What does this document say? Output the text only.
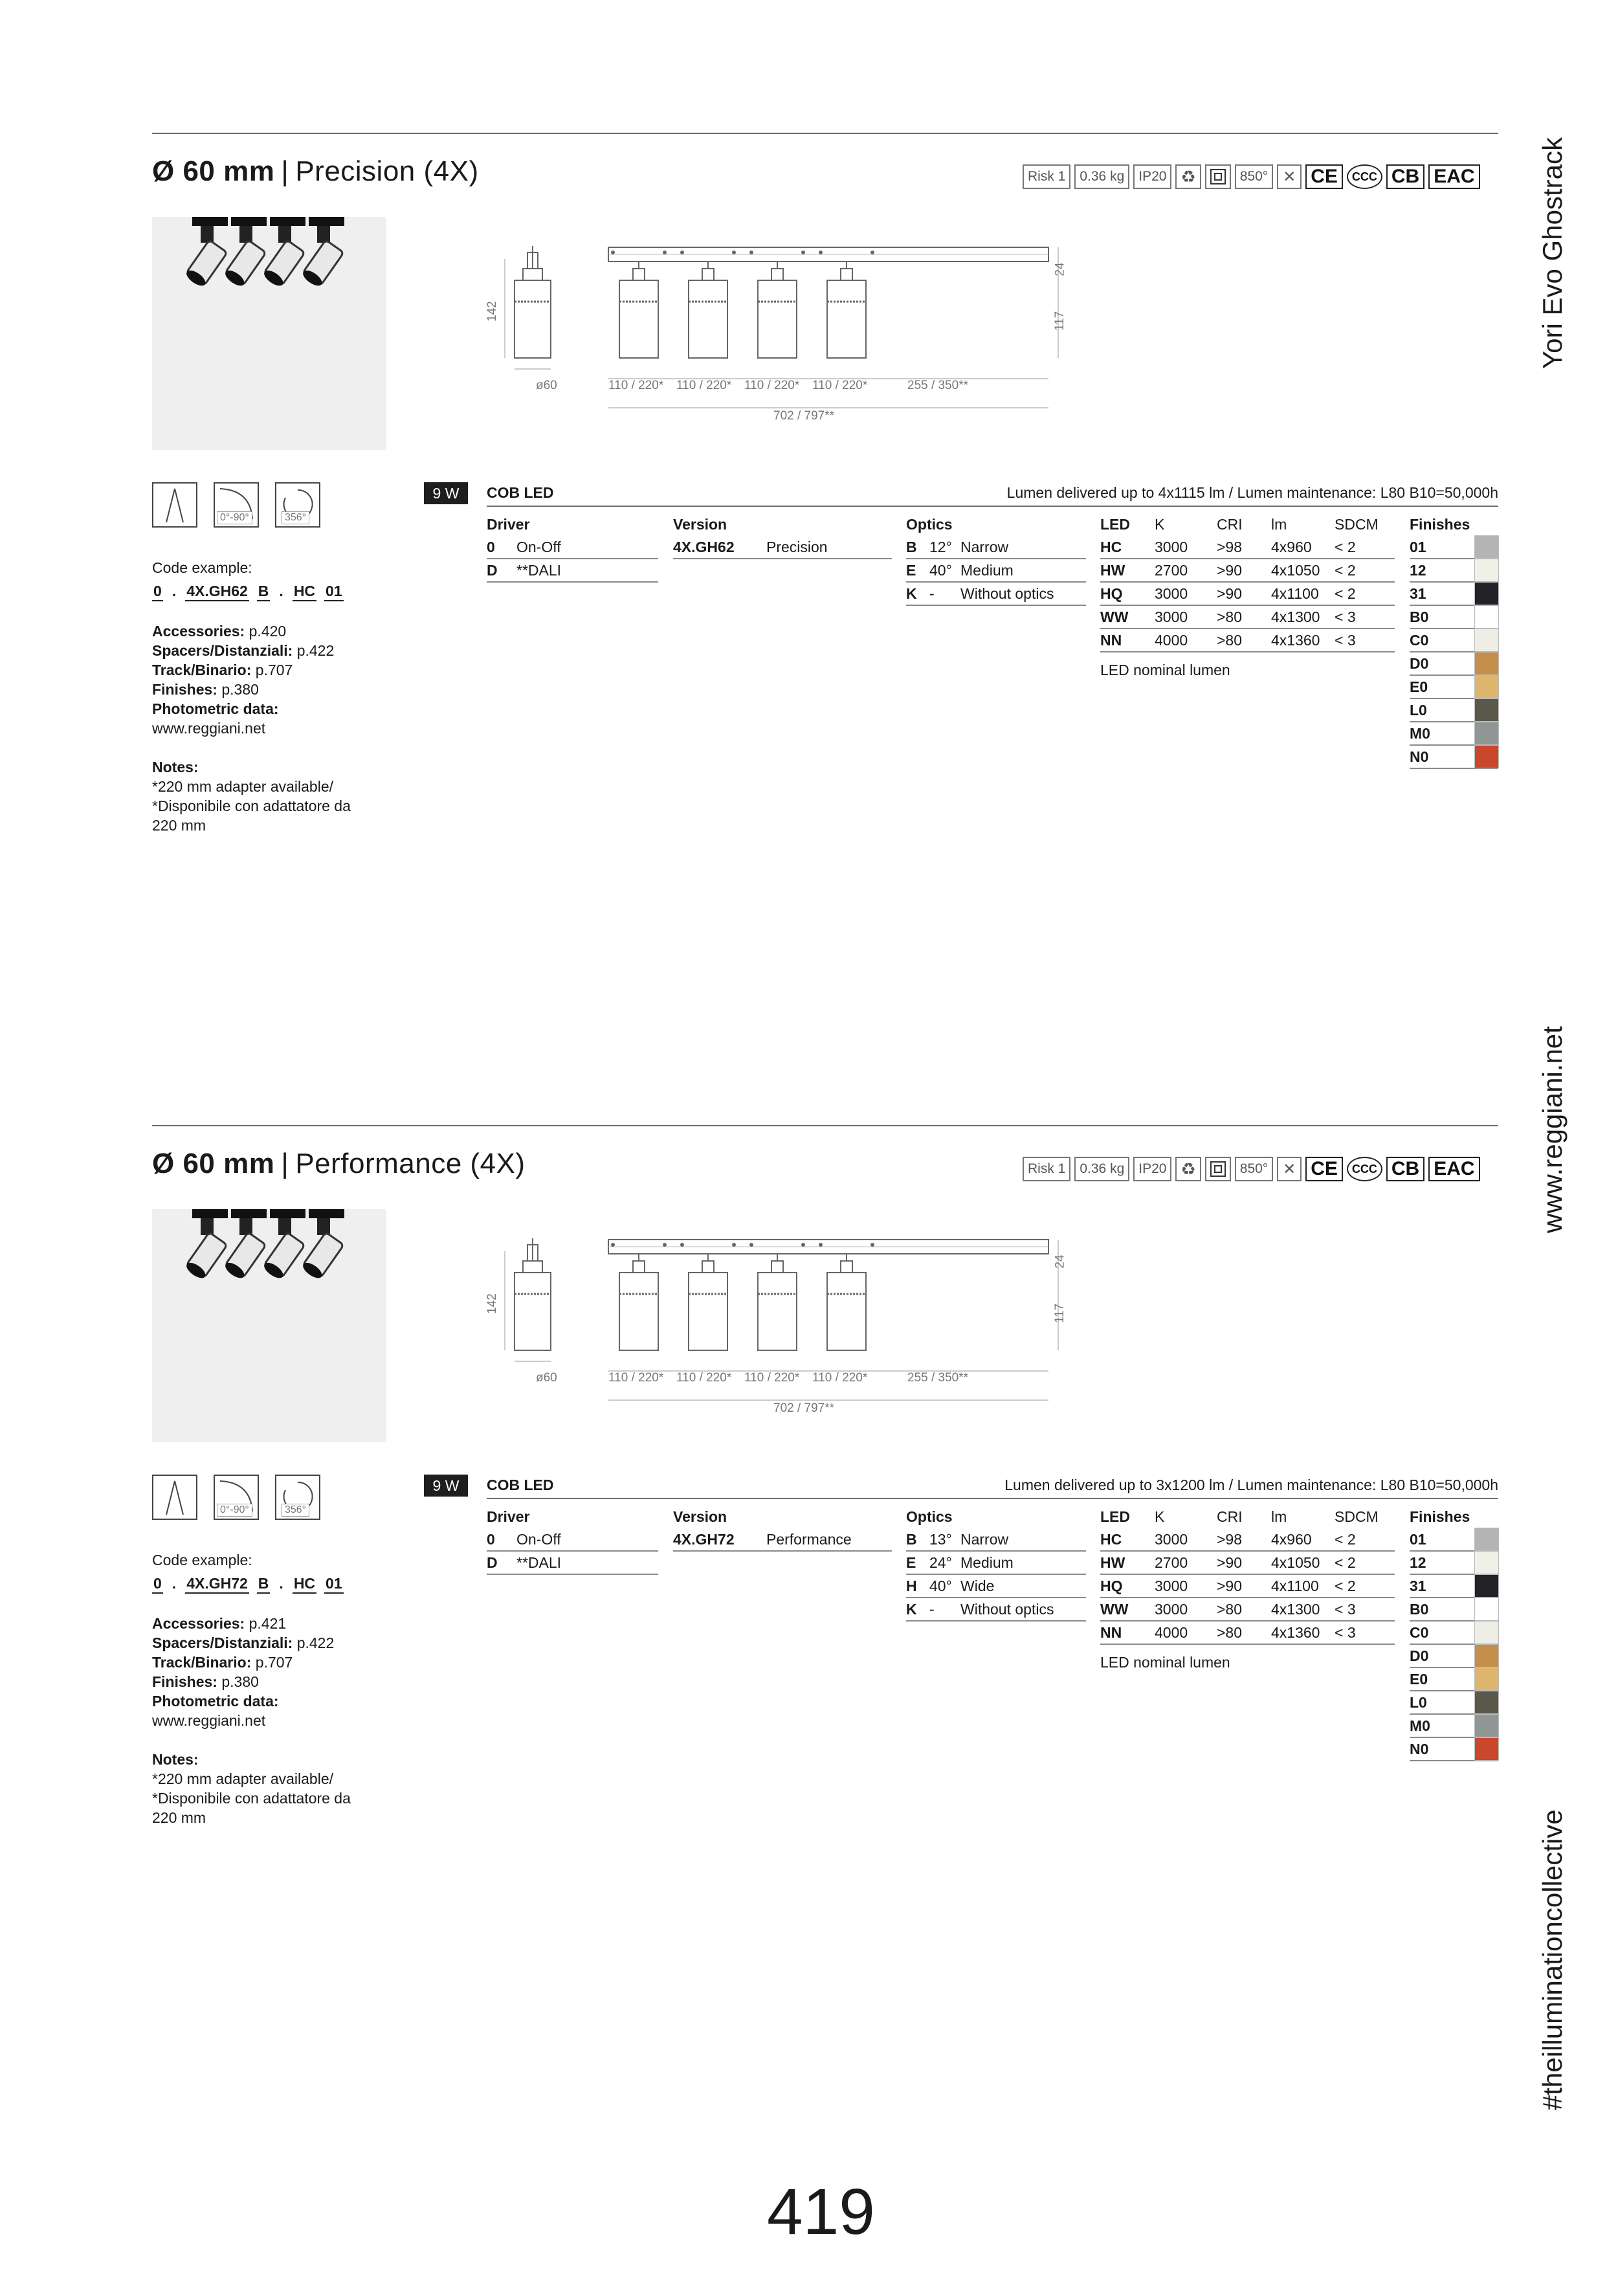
Ø 60 mm | Precision (4X)	Risk 1 0.36 kg IP20 ♻	850° ✕ CE CCC CB EAC
142
ø60	110 / 220* 110 / 220* 110 / 220* 110 / 220*	255 / 350**
702 / 797**
24
117
0°-90°	356°
Code example:
0 . 4X.GH62 B . HC 01
Accessories: p.420
Spacers/Distanziali: p.422
Track/Binario: p.707
Finishes: p.380
Photometric data:
www.reggiani.net
Notes:
*220 mm adapter available/
*Disponibile con adattatore da
220 mm
9 W	COB LED	Lumen delivered up to 4x1115 lm / Lumen maintenance: L80 B10=50,000h
Driver
0	On-Off
D	**DALI
Version
4X.GH62	Precision
Optics
B 12° Narrow
E 40° Medium
K -	Without optics
LED	K	CRI	lm	SDCM
HC	3000	>98	4x960	< 2
HW	2700	>90	4x1050 < 2
HQ	3000	>90	4x1100	< 2
WW	3000	>80	4x1300 < 3
NN	4000	>80	4x1360 < 3
LED nominal lumen
Finishes
01
12
31
B0
C0
D0
E0
L0
M0
N0
Ø 60 mm | Performance (4X)	Risk 1 0.36 kg IP20 ♻	850° ✕ CE CCC CB EAC
142
ø60	110 / 220* 110 / 220* 110 / 220* 110 / 220*	255 / 350**
702 / 797**
24
117
0°-90°	356°
Code example:
0 . 4X.GH72 B . HC 01
Accessories: p.421
Spacers/Distanziali: p.422
Track/Binario: p.707
Finishes: p.380
Photometric data:
www.reggiani.net
Notes:
*220 mm adapter available/
*Disponibile con adattatore da
220 mm
9 W	COB LED	Lumen delivered up to 3x1200 lm / Lumen maintenance: L80 B10=50,000h
Driver
0	On-Off
D	**DALI
Version
4X.GH72	Performance
Optics
B 13° Narrow
E 24° Medium
H 40° Wide
K -	Without optics
LED	K	CRI	lm	SDCM
HC	3000	>98	4x960	< 2
HW	2700	>90	4x1050 < 2
HQ	3000	>90	4x1100	< 2
WW	3000	>80	4x1300 < 3
NN	4000	>80	4x1360 < 3
LED nominal lumen
Finishes
01
12
31
B0
C0
D0
E0
L0
M0
N0
Yori Evo Ghostrack
www.reggiani.net
#theilluminationcollective
419
